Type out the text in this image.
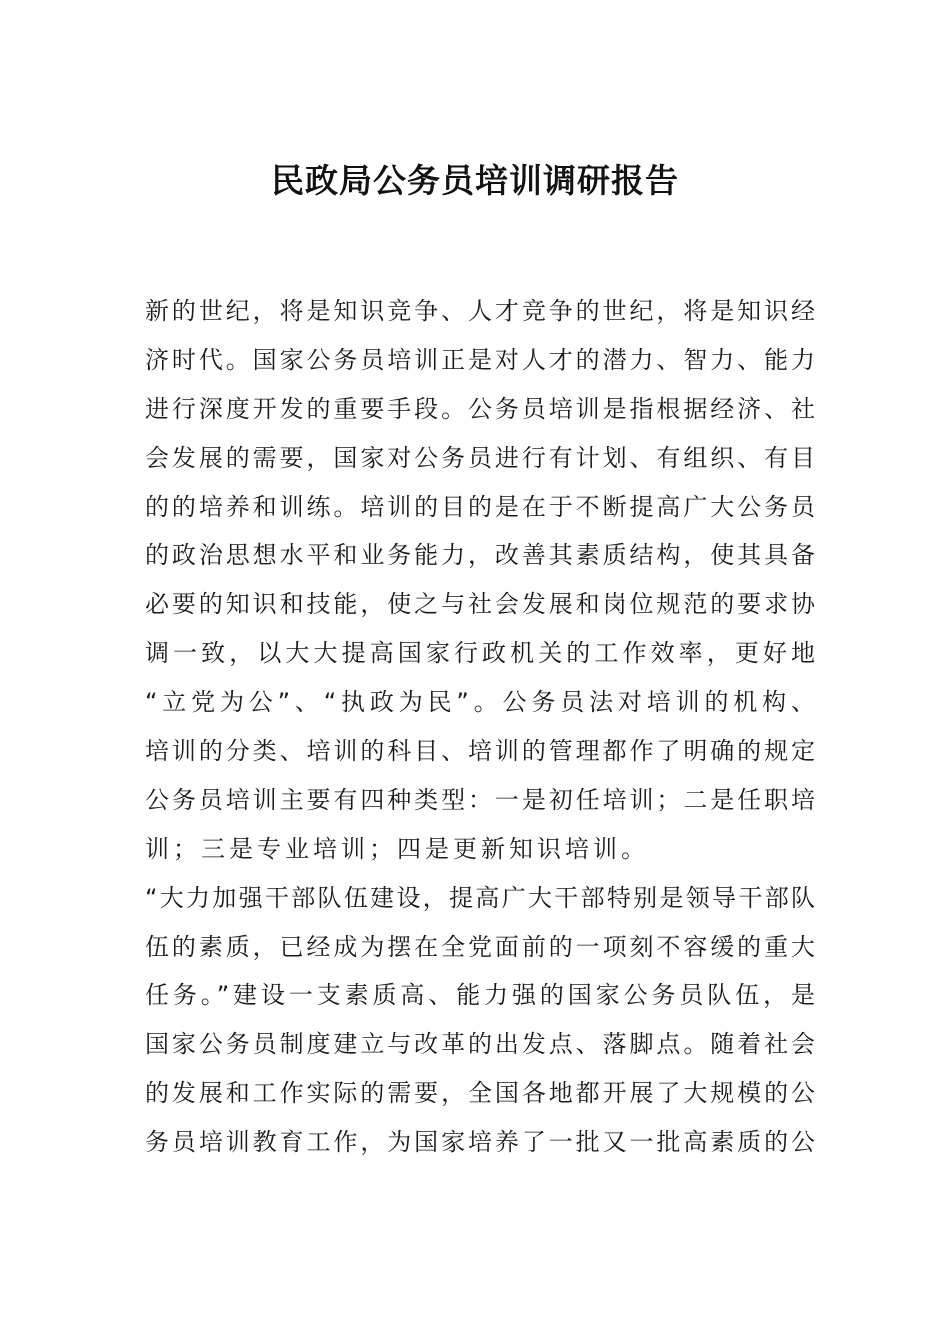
民政局公务员培训调研报告
新的世纪，将是知识竞争、人才竞争的世纪，将是知识经
济时代。国家公务员培训正是对人才的潜力、智力、能力
进行深度开发的重要手段。公务员培训是指根据经济、社
会发展的需要，国家对公务员进行有计划、有组织、有目
的的培养和训练。培训的目的是在于不断提高广大公务员
的政治思想水平和业务能力，改善其素质结构，使其具备
必要的知识和技能，使之与社会发展和岗位规范的要求协
调一致，以大大提高国家行政机关的工作效率，更好地
“立党为公”、“执政为民”。公务员法对培训的机构、
培训的分类、培训的科目、培训的管理都作了明确的规定
公务员培训主要有四种类型：一是初任培训；二是任职培
训；三是专业培训；四是更新知识培训。
“大力加强干部队伍建设，提高广大干部特别是领导干部队
伍的素质，已经成为摆在全党面前的一项刻不容缓的重大
任务。”建设一支素质高、能力强的国家公务员队伍，是
国家公务员制度建立与改革的出发点、落脚点。随着社会
的发展和工作实际的需要，全国各地都开展了大规模的公
务员培训教育工作，为国家培养了一批又一批高素质的公
